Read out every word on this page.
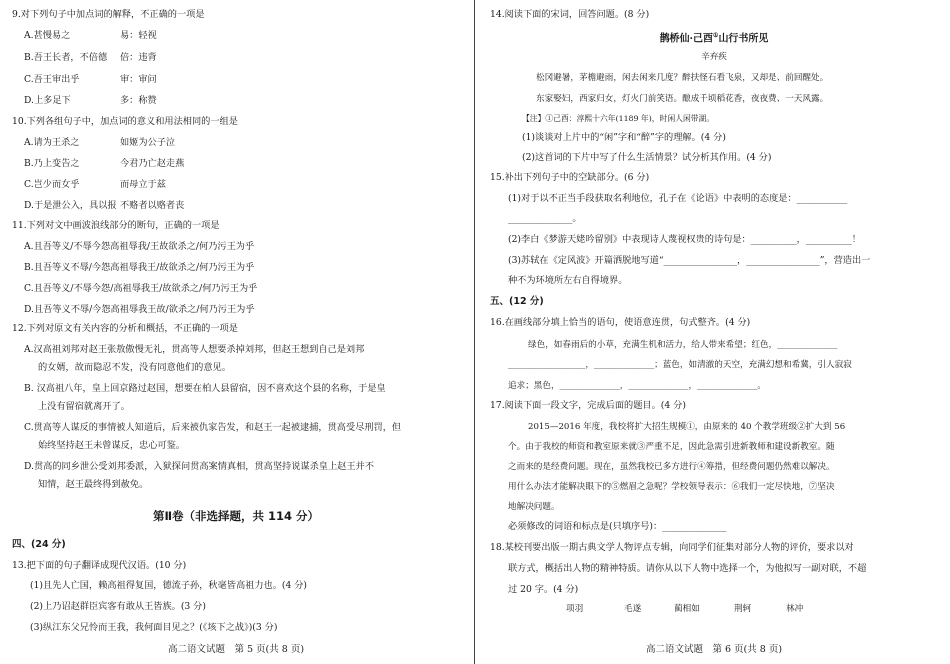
9.对下列句子中加点词的解释，不正确的一项是
A.甚慢易之	易：轻视
B.吾王长者，不倍德 倍：违背
C.吾王审出乎	审：审问
D.上多足下	多：称赞
10.下列各组句子中，加点词的意义和用法相同的一组是
A.请为王杀之	如姬为公子泣
B.乃上变告之	今君乃亡赵走燕
C.岂少而女乎	而母立于兹
D.于是泄公入，具以报 不赂者以赂者丧
11.下列对文中画波浪线部分的断句，正确的一项是
A.且吾等义/不辱今怨高祖辱我/王故欲杀之/何乃污王为乎
B.且吾等义不辱/今怨高祖辱我王/故欲杀之/何乃污王为乎
C.且吾等义/不辱今怨/高祖辱我王/故欲杀之/何乃污王为乎
D.且吾等义不辱/今怨高祖辱我王故/欲杀之/何乃污王为乎
12.下列对原文有关内容的分析和概括，不正确的一项是
A.汉高祖刘邦对赵王张敖傲慢无礼，贯高等人想要杀掉刘邦，但赵王想到自己是刘邦
的女婿，故而隐忍不发，没有同意他们的意见。
B. 汉高祖八年，皇上回京路过赵国，想要在柏人县留宿，因不喜欢这个县的名称，于是皇
上没有留宿就离开了。
C.贯高等人谋反的事情被人知道后，后来被仇家告发，和赵王一起被逮捕，贯高受尽刑罚，但
始终坚持赵王未曾谋反，忠心可鉴。
D.贯高的同乡泄公受刘邦委派，入狱探问贯高案情真相，贯高坚持说谋杀皇上赵王并不
知情，赵王最终得到赦免。
第Ⅱ卷（非选择题，共 114 分）
四、(24 分)
13.把下面的句子翻译成现代汉语。(10 分)
(1)且先人亡国，赖高祖得复国，德流子孙，秋毫皆高祖力也。(4 分)
(2)上乃诏赵群臣宾客有敢从王皆族。(3 分)
(3)纵江东父兄怜而王我，我何面目见之？(《垓下之战》)(3 分)
高二语文试题　第 5 页(共 8 页)
14.阅读下面的宋词，回答问题。(8 分)
鹊桥仙·己酉①山行书所见
辛弃疾
松冈避暑，茅檐避雨，闲去闲来几度？醉扶怪石看飞泉，又却是、前回醒处。
东家娶妇，西家归女，灯火门前笑语。酿成千顷稻花香，夜夜费、一天风露。
【注】①己酉：淳熙十六年(1189 年)，时闲人闲带湖。
(1)谈谈对上片中的“闲”字和“醉”字的理解。(4 分)
(2)这首词的下片中写了什么生活情景？试分析其作用。(4 分)
15.补出下列句子中的空缺部分。(6 分)
(1)对于以不正当手段获取名利地位，孔子在《论语》中表明的态度是：___________
______________。
(2)李白《梦游天姥吟留别》中表现诗人蔑视权贵的诗句是：__________，__________！
(3)苏轼在《定风波》开篇洒脱地写道“________________，________________”，营造出一
种不为环境所左右自得境界。
五、(12 分)
16.在画线部分填上恰当的语句，使语意连贯，句式整齐。(4 分)
绿色，如春雨后的小草，充满生机和活力，给人带来希望；红色，______________
__________________，______________；蓝色，如清澈的天空，充满幻想和希冀，引人寂寂
追求；黑色，______________，______________，______________。
17.阅读下面一段文字，完成后面的题目。(4 分)
2015—2016 年度，我校将扩大招生规模①，由原来的 40 个教学班级②扩大到 56
个。由于我校的师资和教室原来就③严重不足，因此急需引进新教师和建设新教室。随
之而来的是经费问题。现在，虽然我校已多方进行④筹措，但经费问题仍然难以解决。
用什么办法才能解决眼下的⑤燃眉之急呢？学校领导表示：⑥我们一定尽快地，⑦坚决
地解决问题。
必须修改的词语和标点是(只填序号)：______________
18.某校刊要出版一期古典文学人物评点专辑，向同学们征集对部分人物的评价，要求以对
联方式，概括出人物的精神特质。请你从以下人物中选择一个，为他拟写一副对联，不超
过 20 字。(4 分)
项羽	毛遂	蔺相如	荆轲	林冲
高二语文试题　第 6 页(共 8 页)
